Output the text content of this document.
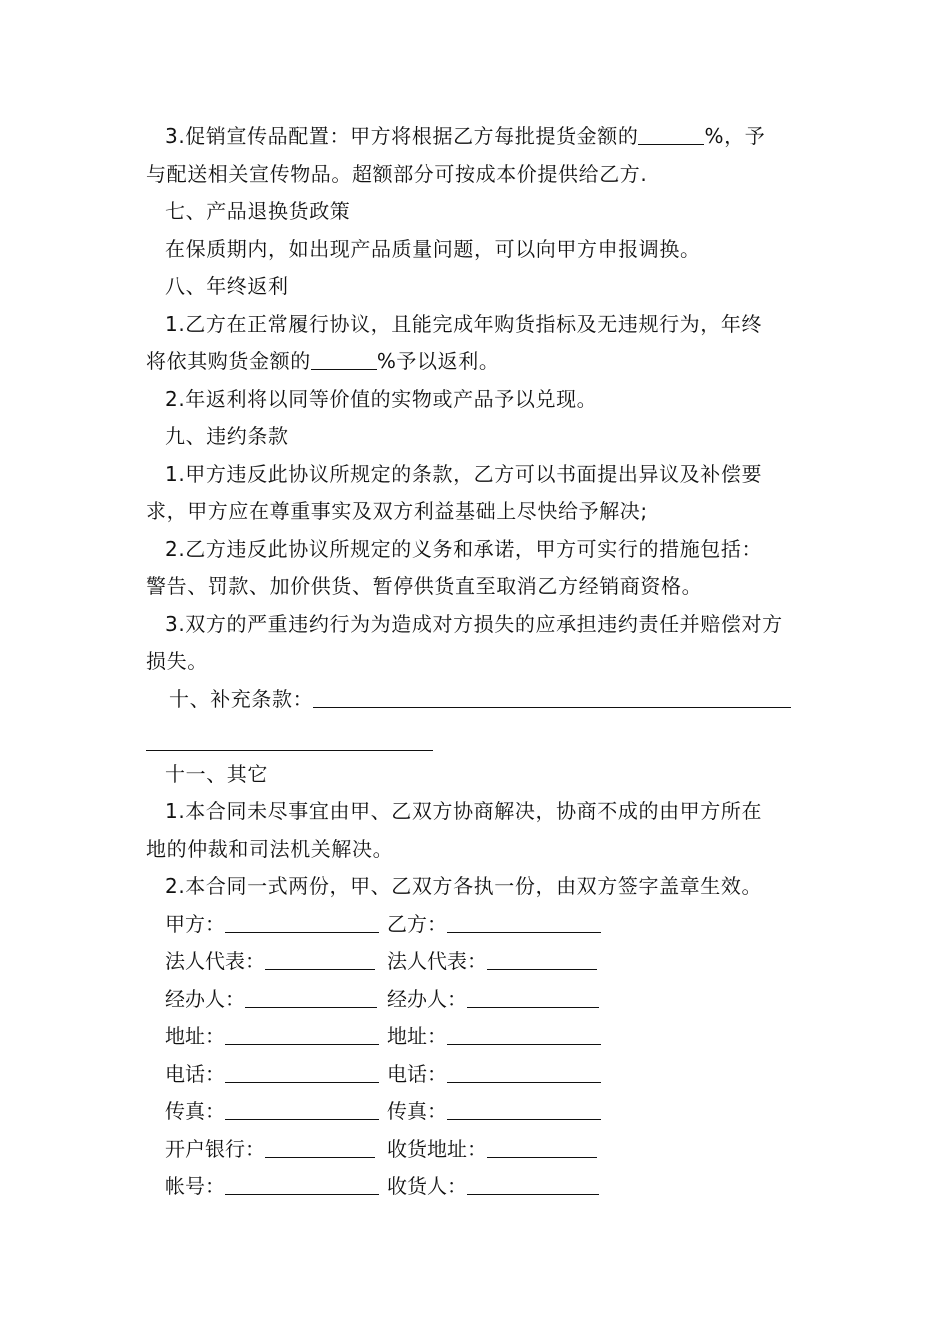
3.促销宣传品配置：甲方将根据乙方每批提货金额的	%，予
与配送相关宣传物品。超额部分可按成本价提供给乙方.
七、产品退换货政策
在保质期内，如出现产品质量问题，可以向甲方申报调换。
八、年终返利
1.乙方在正常履行协议，且能完成年购货指标及无违规行为，年终
将依其购货金额的	%予以返利。
2.年返利将以同等价值的实物或产品予以兑现。
九、违约条款
1.甲方违反此协议所规定的条款，乙方可以书面提出异议及补偿要
求，甲方应在尊重事实及双方利益基础上尽快给予解决;
2.乙方违反此协议所规定的义务和承诺，甲方可实行的措施包括：
警告、罚款、加价供货、暂停供货直至取消乙方经销商资格。
3.双方的严重违约行为为造成对方损失的应承担违约责任并赔偿对方
损失。
十、补充条款：
十一、其它
1.本合同未尽事宜由甲、乙双方协商解决，协商不成的由甲方所在
地的仲裁和司法机关解决。
2.本合同一式两份，甲、乙双方各执一份，由双方签字盖章生效。
甲方：	乙方：
法人代表：	法人代表：
经办人：	经办人：
地址：	地址：
电话：	电话：
传真：	传真：
开户银行：	收货地址：
帐号：	收货人：
